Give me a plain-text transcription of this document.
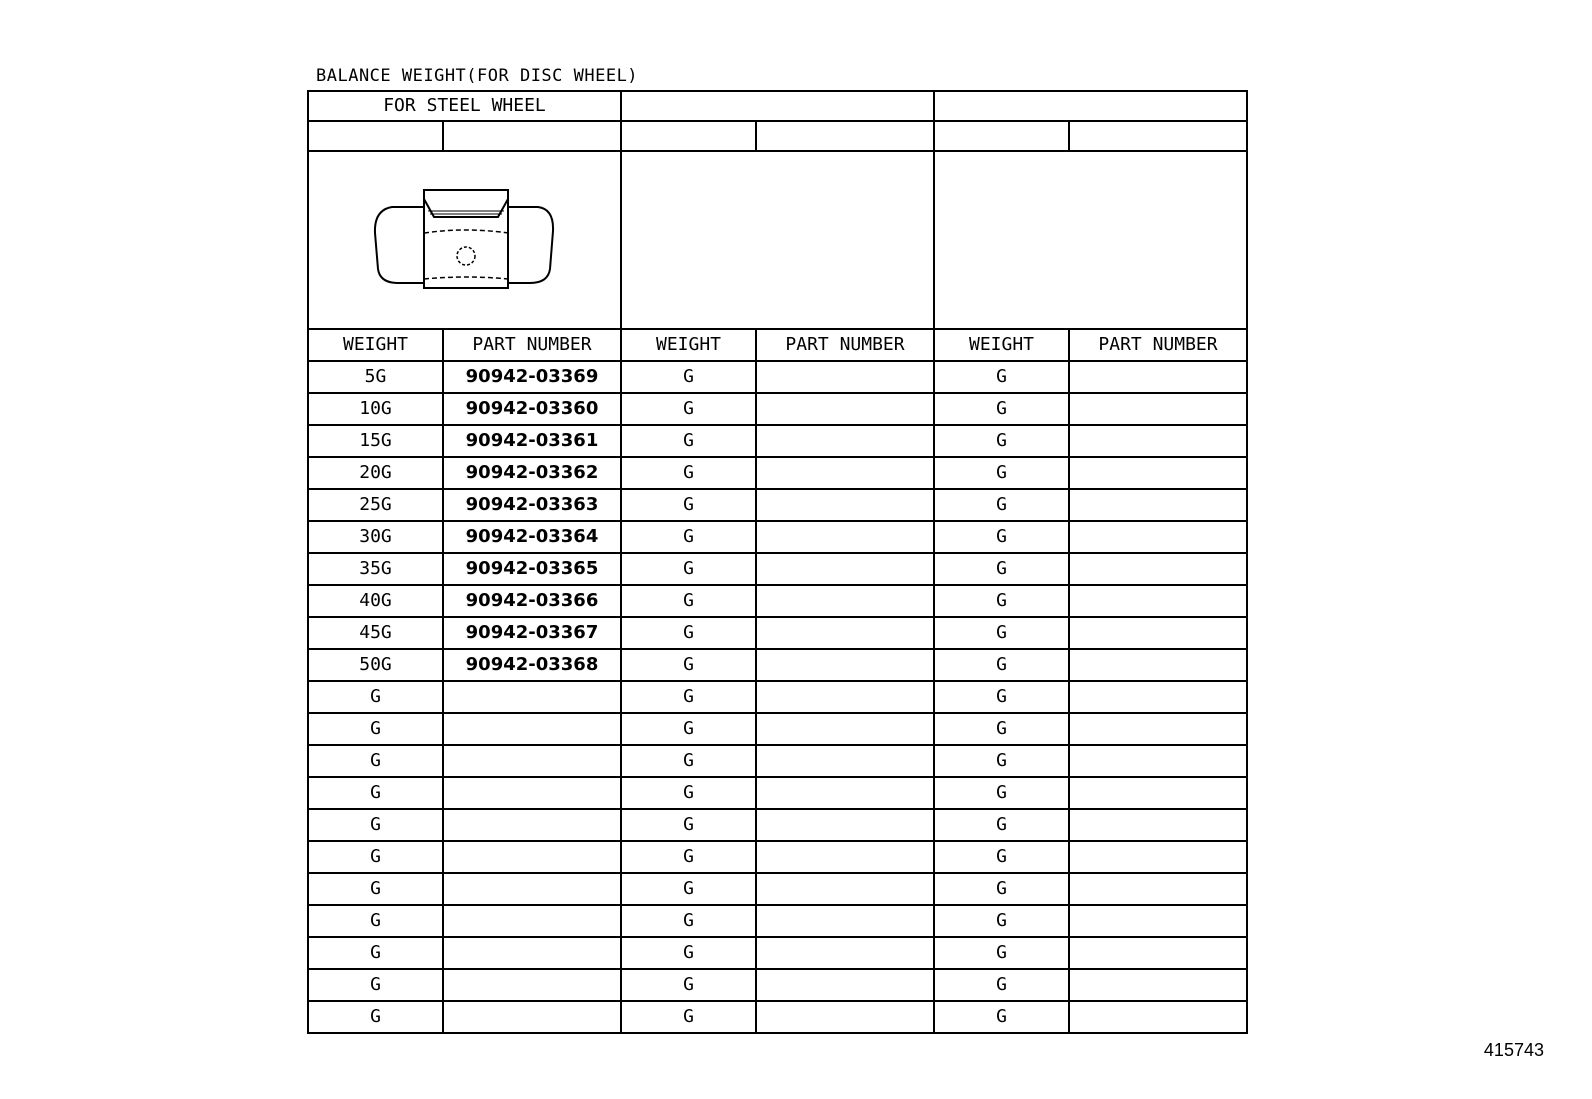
BALANCE WEIGHT(FOR DISC WHEEL)
FOR STEEL WHEEL					

WEIGHT	PART NUMBER	WEIGHT	PART NUMBER	WEIGHT	PART NUMBER
5G	90942-03369	G		G	
10G	90942-03360	G		G	
15G	90942-03361	G		G	
20G	90942-03362	G		G	
25G	90942-03363	G		G	
30G	90942-03364	G		G	
35G	90942-03365	G		G	
40G	90942-03366	G		G	
45G	90942-03367	G		G	
50G	90942-03368	G		G	
G		G		G	
G		G		G	
G		G		G	
G		G		G	
G		G		G	
G		G		G	
G		G		G	
G		G		G	
G		G		G	
G		G		G	
G		G		G	
415743
